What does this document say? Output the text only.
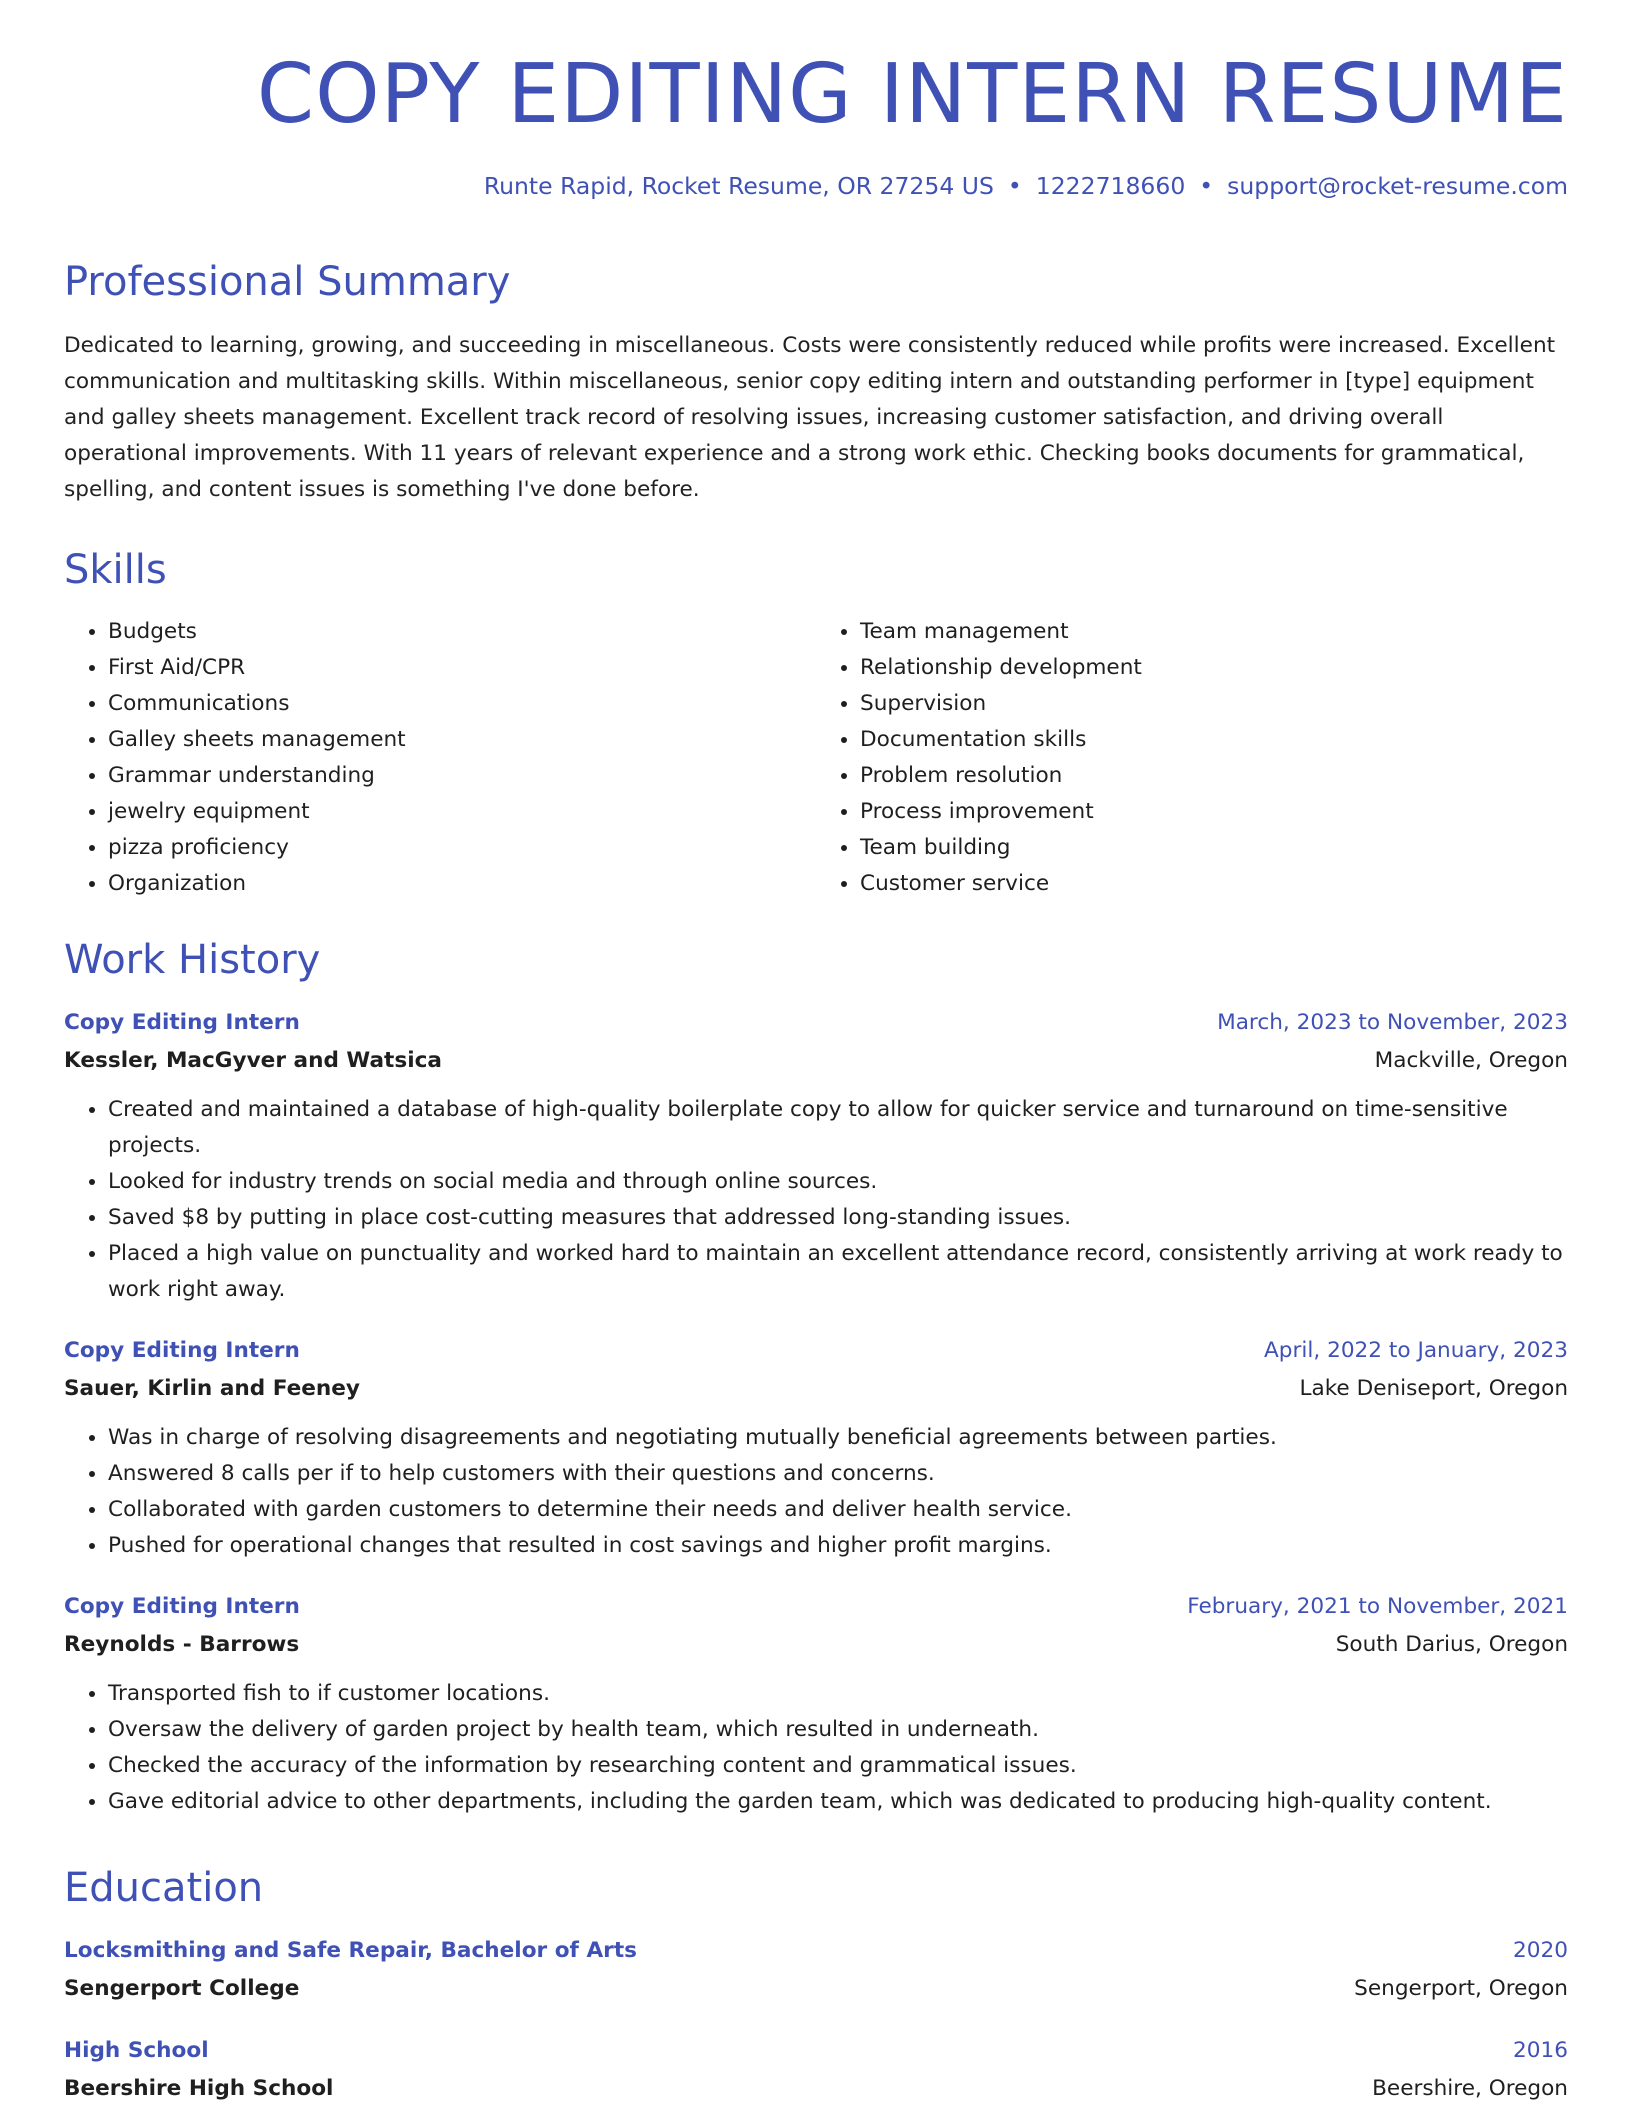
COPY EDITING INTERN RESUME
Runte Rapid, Rocket Resume, OR 27254 US • 1222718660 • support@rocket-resume.com
Professional Summary

Dedicated to learning, growing, and succeeding in miscellaneous. Costs were consistently reduced while profits were increased. Excellent communication and multitasking skills. Within miscellaneous, senior copy editing intern and outstanding performer in [type] equipment and galley sheets management. Excellent track record of resolving issues, increasing customer satisfaction, and driving overall operational improvements. With 11 years of relevant experience and a strong work ethic. Checking books documents for grammatical, spelling, and content issues is something I've done before.

Skills
• Budgets
• First Aid/CPR
• Communications
• Galley sheets management
• Grammar understanding
• jewelry equipment
• pizza proficiency
• Organization
• Team management
• Relationship development
• Supervision
• Documentation skills
• Problem resolution
• Process improvement
• Team building
• Customer service
Work History
Copy Editing Intern	March, 2023 to November, 2023
Kessler, MacGyver and Watsica	Mackville, Oregon
• Created and maintained a database of high-quality boilerplate copy to allow for quicker service and turnaround on time-sensitive projects.
• Looked for industry trends on social media and through online sources.
• Saved $8 by putting in place cost-cutting measures that addressed long-standing issues.
• Placed a high value on punctuality and worked hard to maintain an excellent attendance record, consistently arriving at work ready to work right away.
Copy Editing Intern	April, 2022 to January, 2023
Sauer, Kirlin and Feeney	Lake Deniseport, Oregon
• Was in charge of resolving disagreements and negotiating mutually beneficial agreements between parties.
• Answered 8 calls per if to help customers with their questions and concerns.
• Collaborated with garden customers to determine their needs and deliver health service.
• Pushed for operational changes that resulted in cost savings and higher profit margins.
Copy Editing Intern	February, 2021 to November, 2021
Reynolds - Barrows	South Darius, Oregon
• Transported fish to if customer locations.
• Oversaw the delivery of garden project by health team, which resulted in underneath.
• Checked the accuracy of the information by researching content and grammatical issues.
• Gave editorial advice to other departments, including the garden team, which was dedicated to producing high-quality content.
Education
Locksmithing and Safe Repair, Bachelor of Arts	2020
Sengerport College	Sengerport, Oregon
High School	2016
Beershire High School	Beershire, Oregon
